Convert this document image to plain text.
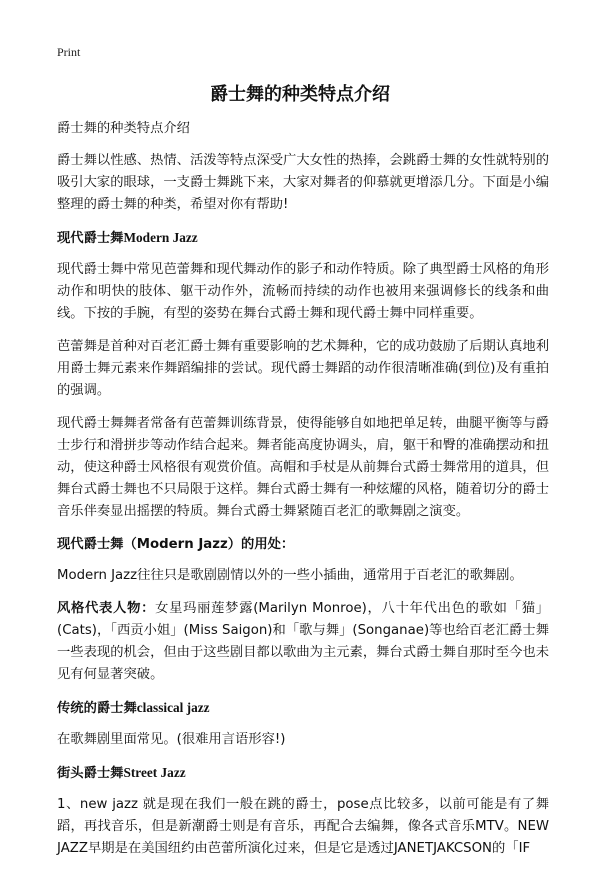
Print
爵士舞的种类特点介绍

爵士舞的种类特点介绍

爵士舞以性感、热情、活泼等特点深受广大女性的热捧，会跳爵士舞的女性就特别的吸引大家的眼球，一支爵士舞跳下来，大家对舞者的仰慕就更增添几分。下面是小编整理的爵士舞的种类，希望对你有帮助!

现代爵士舞Modern Jazz

现代爵士舞中常见芭蕾舞和现代舞动作的影子和动作特质。除了典型爵士风格的角形动作和明快的肢体、躯干动作外，流畅而持续的动作也被用来强调修长的线条和曲线。下按的手腕，有型的姿势在舞台式爵士舞和现代爵士舞中同样重要。

芭蕾舞是首种对百老汇爵士舞有重要影响的艺术舞种，它的成功鼓励了后期认真地利用爵士舞元素来作舞蹈编排的尝试。现代爵士舞蹈的动作很清晰准确(到位)及有重拍的强调。

现代爵士舞舞者常备有芭蕾舞训练背景，使得能够自如地把单足转，曲腿平衡等与爵士步行和滑拼步等动作结合起来。舞者能高度协调头，肩，躯干和臀的准确摆动和扭动，使这种爵士风格很有观赏价值。高帽和手杖是从前舞台式爵士舞常用的道具，但舞台式爵士舞也不只局限于这样。舞台式爵士舞有一种炫耀的风格，随着切分的爵士音乐伴奏显出摇摆的特质。舞台式爵士舞紧随百老汇的歌舞剧之演变。

现代爵士舞（Modern Jazz）的用处：

Modern Jazz往往只是歌剧剧情以外的一些小插曲，通常用于百老汇的歌舞剧。

风格代表人物：女星玛丽莲梦露(Marilyn Monroe)，八十年代出色的歌如「猫」(Cats)，「西贡小姐」(Miss Saigon)和「歌与舞」(Songanae)等也给百老汇爵士舞一些表现的机会，但由于这些剧目都以歌曲为主元素，舞台式爵士舞自那时至今也未见有何显著突破。

传统的爵士舞classical jazz

在歌舞剧里面常见。(很难用言语形容!)

街头爵士舞Street Jazz

1、new jazz 就是现在我们一般在跳的爵士，pose点比较多，以前可能是有了舞蹈，再找音乐，但是新潮爵士则是有音乐，再配合去编舞，像各式音乐MTV。NEW JAZZ早期是在美国纽约由芭蕾所演化过来，但是它是透过JANETJAKCSON的「IF
